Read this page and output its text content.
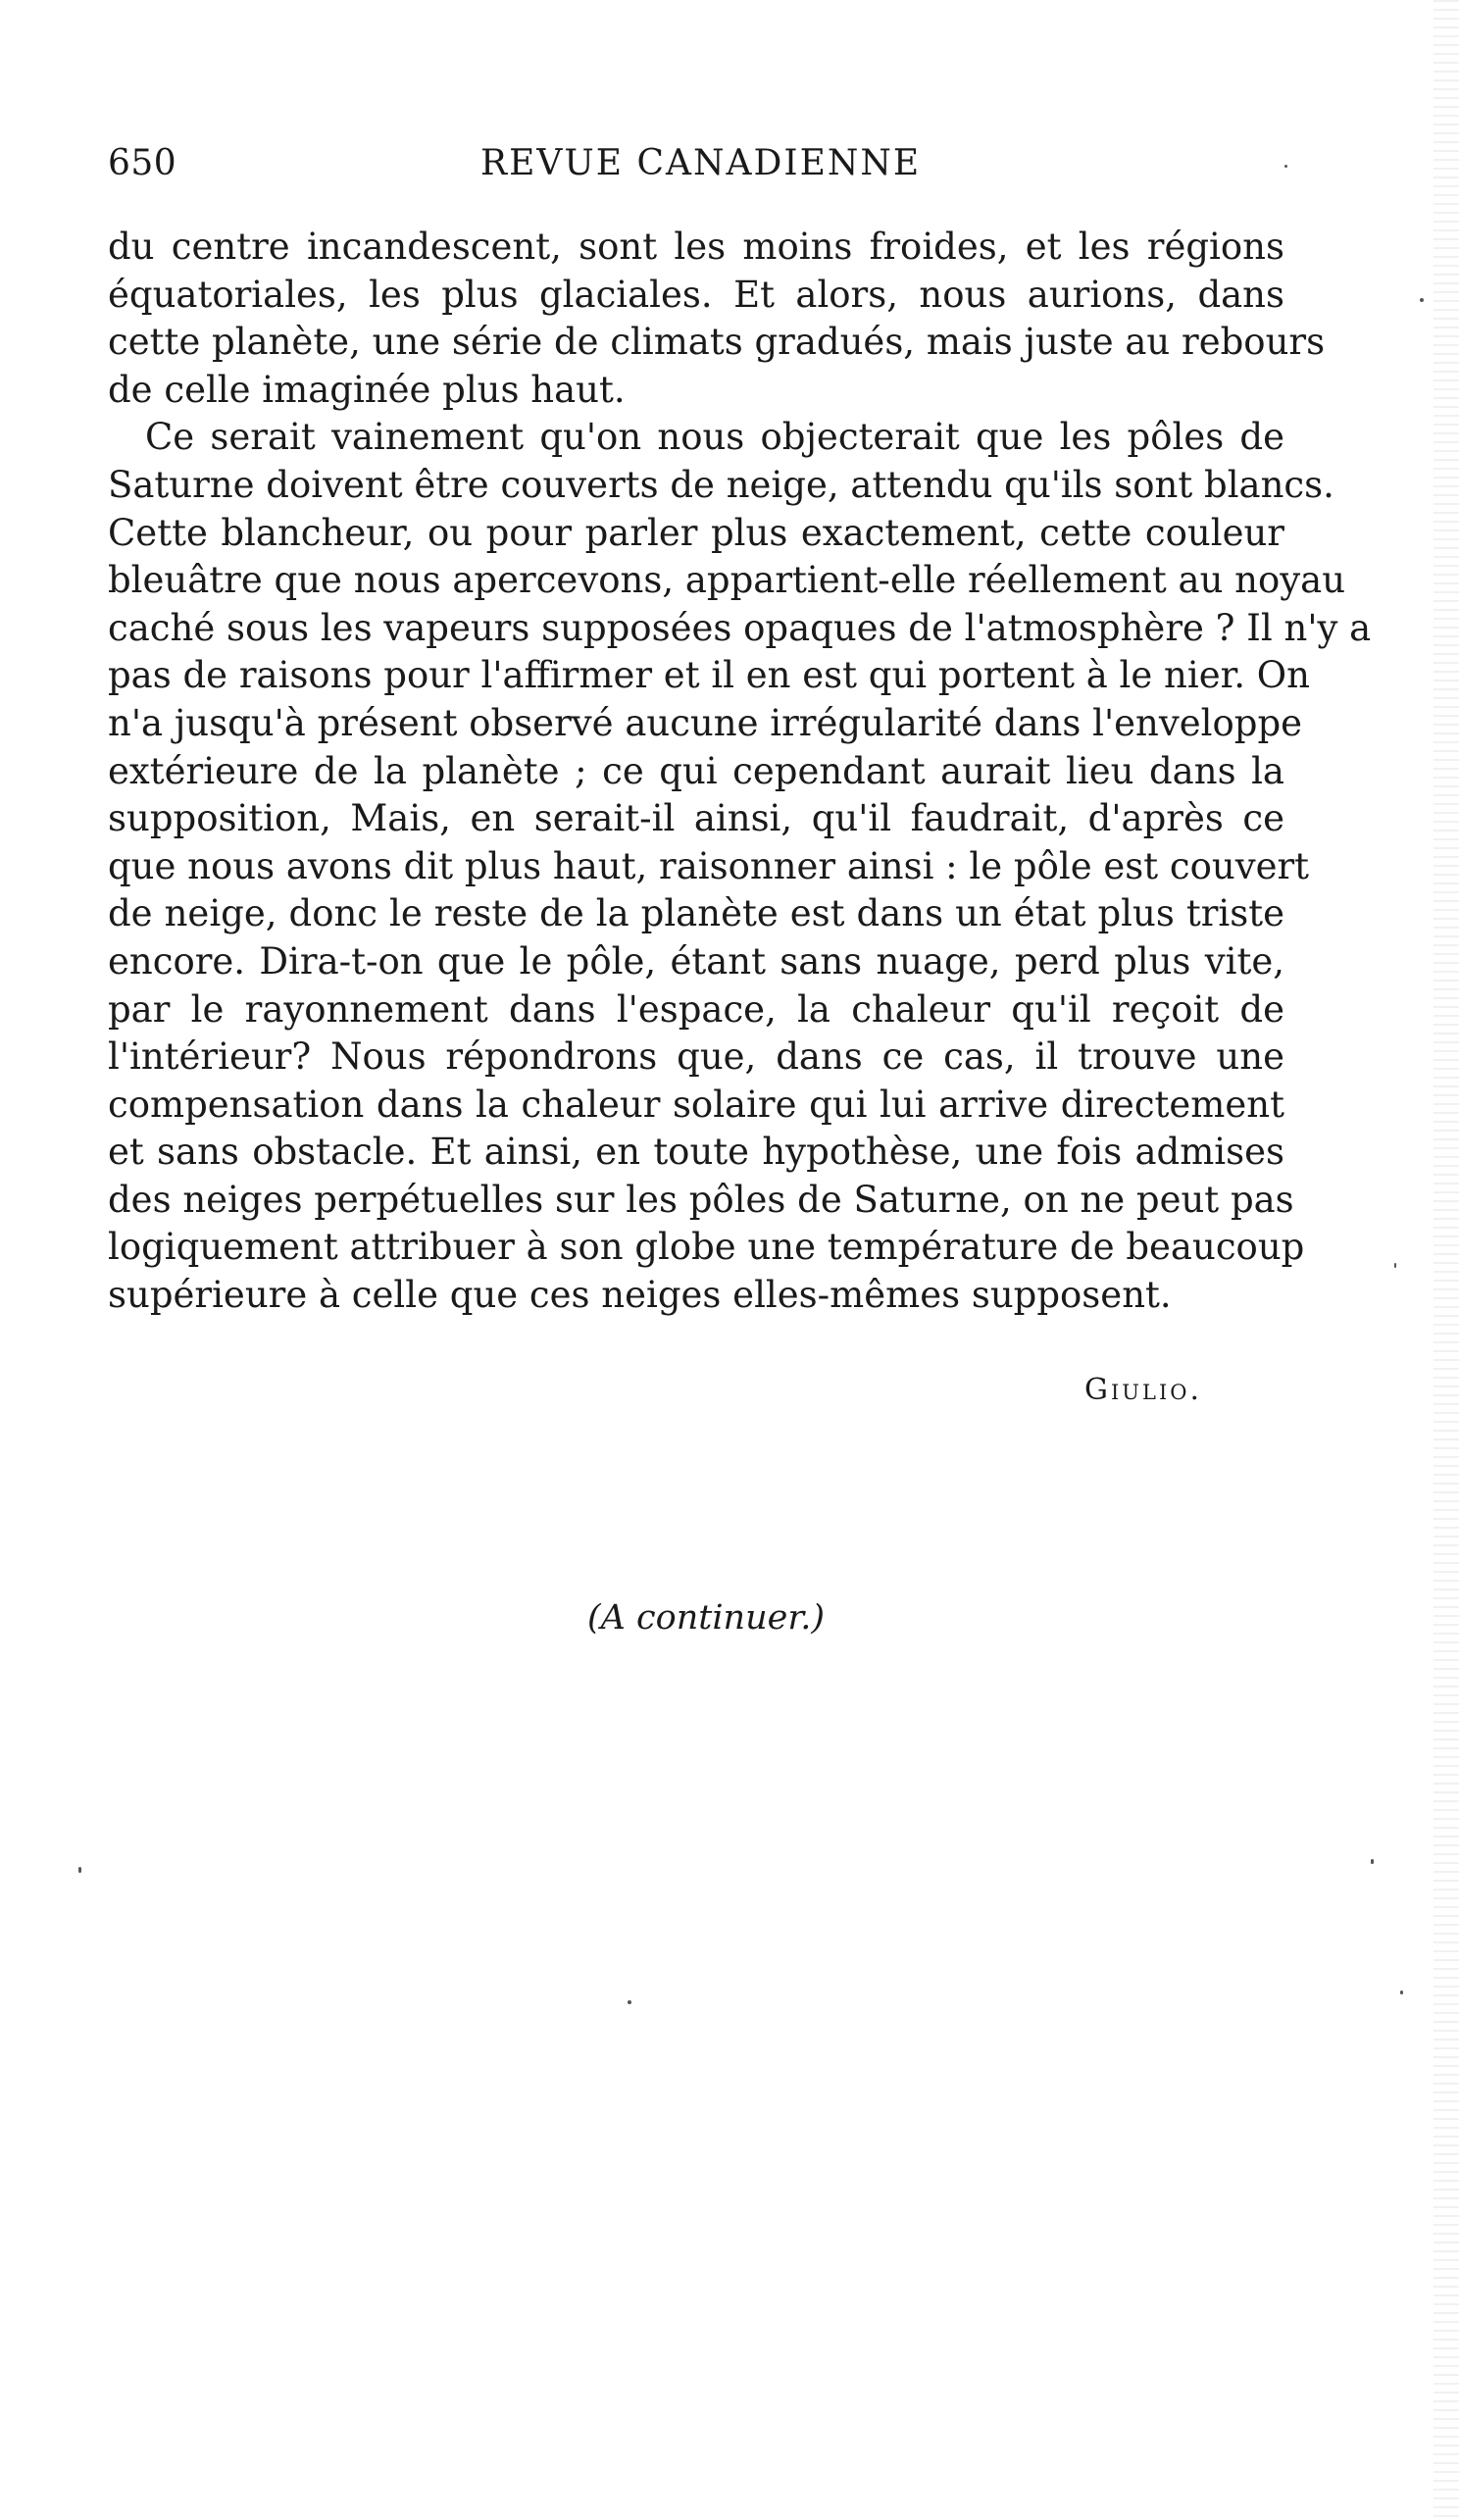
650	REVUE CANADIENNE
du centre incandescent, sont les moins froides, et les régions
équatoriales, les plus glaciales. Et alors, nous aurions, dans
cette planète, une série de climats gradués, mais juste au rebours
de celle imaginée plus haut.
Ce serait vainement qu'on nous objecterait que les pôles de
Saturne doivent être couverts de neige, attendu qu'ils sont blancs.
Cette blancheur, ou pour parler plus exactement, cette couleur
bleuâtre que nous apercevons, appartient-elle réellement au noyau
caché sous les vapeurs supposées opaques de l'atmosphère ? Il n'y a
pas de raisons pour l'affirmer et il en est qui portent à le nier. On
n'a jusqu'à présent observé aucune irrégularité dans l'enveloppe
extérieure de la planète ; ce qui cependant aurait lieu dans la
supposition, Mais, en serait-il ainsi, qu'il faudrait, d'après ce
que nous avons dit plus haut, raisonner ainsi : le pôle est couvert
de neige, donc le reste de la planète est dans un état plus triste
encore. Dira-t-on que le pôle, étant sans nuage, perd plus vite,
par le rayonnement dans l'espace, la chaleur qu'il reçoit de
l'intérieur? Nous répondrons que, dans ce cas, il trouve une
compensation dans la chaleur solaire qui lui arrive directement
et sans obstacle. Et ainsi, en toute hypothèse, une fois admises
des neiges perpétuelles sur les pôles de Saturne, on ne peut pas
logiquement attribuer à son globe une température de beaucoup
supérieure à celle que ces neiges elles-mêmes supposent.
Giulio.
(A continuer.)
